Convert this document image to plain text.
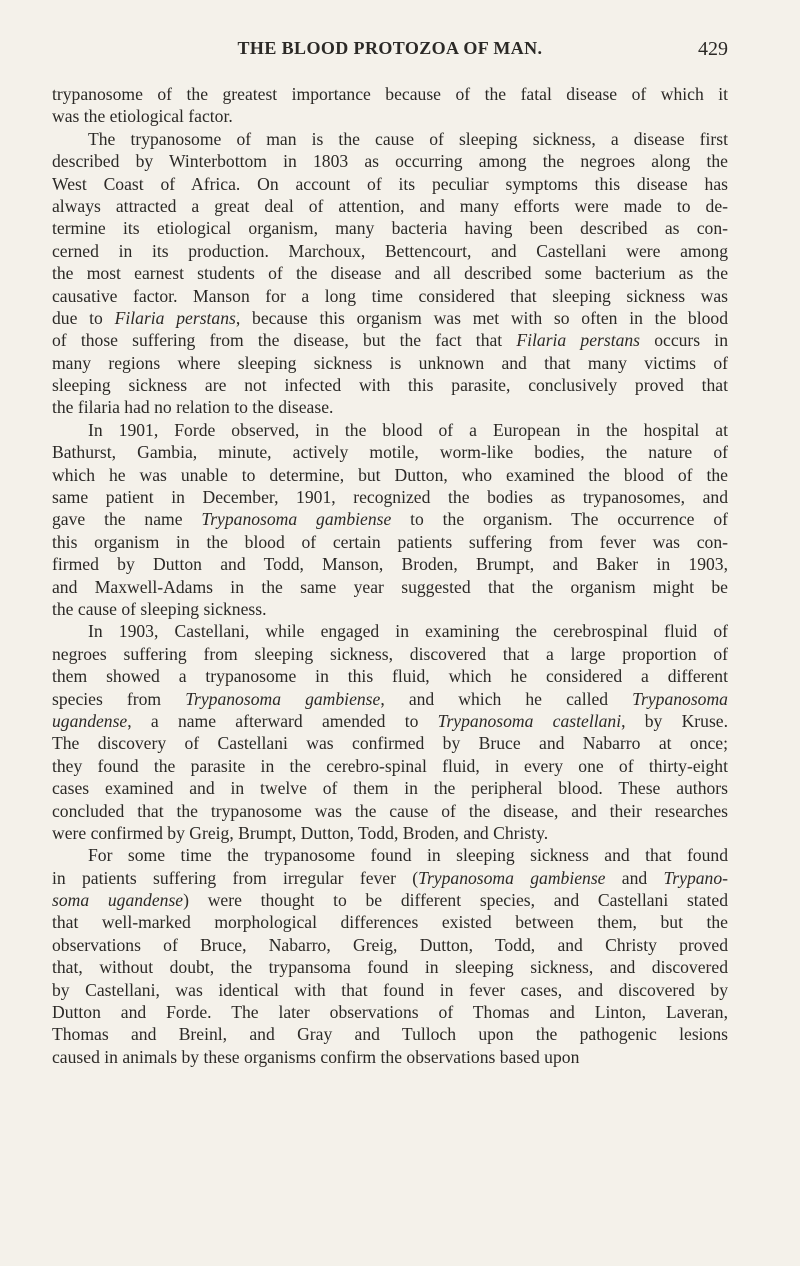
THE BLOOD PROTOZOA OF MAN.	429
trypanosome of the greatest importance because of the fatal disease of which it
was the etiological factor.
The trypanosome of man is the cause of sleeping sickness, a disease first
described by Winterbottom in 1803 as occurring among the negroes along the
West Coast of Africa. On account of its peculiar symptoms this disease has
always attracted a great deal of attention, and many efforts were made to de-
termine its etiological organism, many bacteria having been described as con-
cerned in its production. Marchoux, Bettencourt, and Castellani were among
the most earnest students of the disease and all described some bacterium as the
causative factor. Manson for a long time considered that sleeping sickness was
due to Filaria perstans, because this organism was met with so often in the blood
of those suffering from the disease, but the fact that Filaria perstans occurs in
many regions where sleeping sickness is unknown and that many victims of
sleeping sickness are not infected with this parasite, conclusively proved that
the filaria had no relation to the disease.
In 1901, Forde observed, in the blood of a European in the hospital at
Bathurst, Gambia, minute, actively motile, worm-like bodies, the nature of
which he was unable to determine, but Dutton, who examined the blood of the
same patient in December, 1901, recognized the bodies as trypanosomes, and
gave the name Trypanosoma gambiense to the organism. The occurrence of
this organism in the blood of certain patients suffering from fever was con-
firmed by Dutton and Todd, Manson, Broden, Brumpt, and Baker in 1903,
and Maxwell-Adams in the same year suggested that the organism might be
the cause of sleeping sickness.
In 1903, Castellani, while engaged in examining the cerebrospinal fluid of
negroes suffering from sleeping sickness, discovered that a large proportion of
them showed a trypanosome in this fluid, which he considered a different
species from Trypanosoma gambiense, and which he called Trypanosoma
ugandense, a name afterward amended to Trypanosoma castellani, by Kruse.
The discovery of Castellani was confirmed by Bruce and Nabarro at once;
they found the parasite in the cerebro-spinal fluid, in every one of thirty-eight
cases examined and in twelve of them in the peripheral blood. These authors
concluded that the trypanosome was the cause of the disease, and their researches
were confirmed by Greig, Brumpt, Dutton, Todd, Broden, and Christy.
For some time the trypanosome found in sleeping sickness and that found
in patients suffering from irregular fever (Trypanosoma gambiense and Trypano-
soma ugandense) were thought to be different species, and Castellani stated
that well-marked morphological differences existed between them, but the
observations of Bruce, Nabarro, Greig, Dutton, Todd, and Christy proved
that, without doubt, the trypansoma found in sleeping sickness, and discovered
by Castellani, was identical with that found in fever cases, and discovered by
Dutton and Forde. The later observations of Thomas and Linton, Laveran,
Thomas and Breinl, and Gray and Tulloch upon the pathogenic lesions
caused in animals by these organisms confirm the observations based upon
